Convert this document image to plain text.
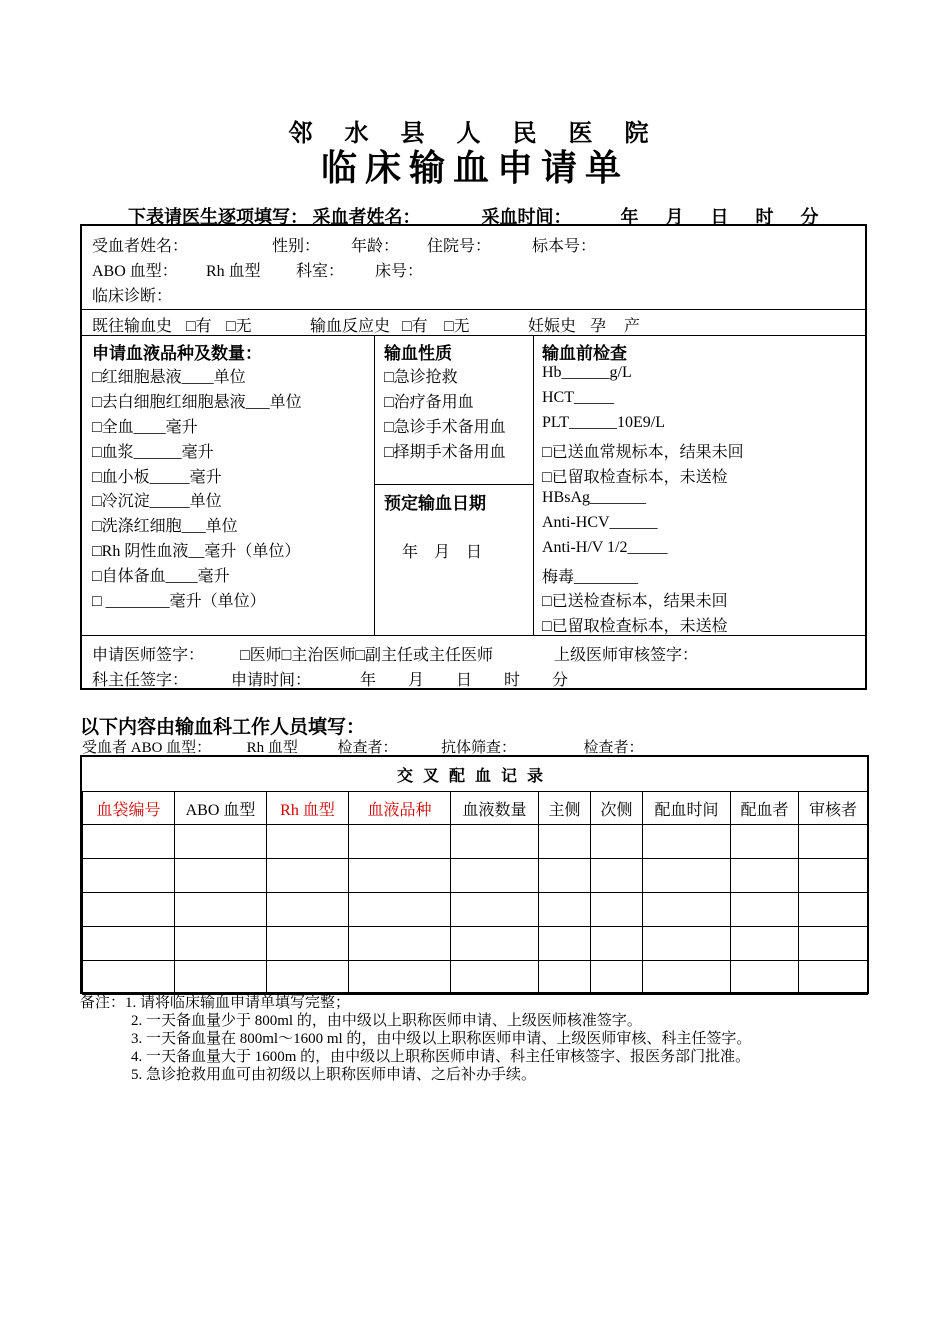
邻 水 县 人 民 医 院
临床输血申请单
下表请医生逐项填写： 采血者姓名：	采血时间：	年 月 日 时 分
受血者姓名：	性别： 年龄： 住院号：	标本号：
ABO 血型： Rh 血型 科室： 床号：
临床诊断：
既往输血史 □有 □无	输血反应史 □有 □无	妊娠史 孕 产
申请血液品种及数量：
□红细胞悬液____单位
□去白细胞红细胞悬液___单位
□全血____毫升
□血浆______毫升
□血小板_____毫升
□冷沉淀_____单位
□洗涤红细胞___单位
□Rh 阴性血液__毫升（单位）
□自体备血____毫升
□ ________毫升（单位）
输血性质
□急诊抢救
□治疗备用血
□急诊手术备用血
□择期手术备用血
预定输血日期
年　月　日
输血前检查
Hb______g/L
HCT_____
PLT______10E9/L
□已送血常规标本，结果未回
□已留取检查标本，未送检
HBsAg_______
Anti-HCV______
Anti-H/V 1/2_____
梅毒________
□已送检查标本，结果未回
□已留取检查标本，未送检
申请医师签字： □医师□主治医师□副主任或主任医师	上级医师审核签字：
科主任签字：	申请时间：	年　　月　　日　　时　　分
以下内容由输血科工作人员填写：
受血者 ABO 血型： Rh 血型	检查者：	抗体筛查：	检查者：
交叉配血记录									
血袋编号	ABO 血型	Rh 血型	血液品种	血液数量	主侧	次侧	配血时间	配血者	审核者

备注：1. 请将临床输血申请单填写完整；
2. 一天备血量少于 800ml 的，由中级以上职称医师申请、上级医师核准签字。
3. 一天备血量在 800ml～1600 ml 的，由中级以上职称医师申请、上级医师审核、科主任签字。
4. 一天备血量大于 1600m 的，由中级以上职称医师申请、科主任审核签字、报医务部门批准。
5. 急诊抢救用血可由初级以上职称医师申请、之后补办手续。
